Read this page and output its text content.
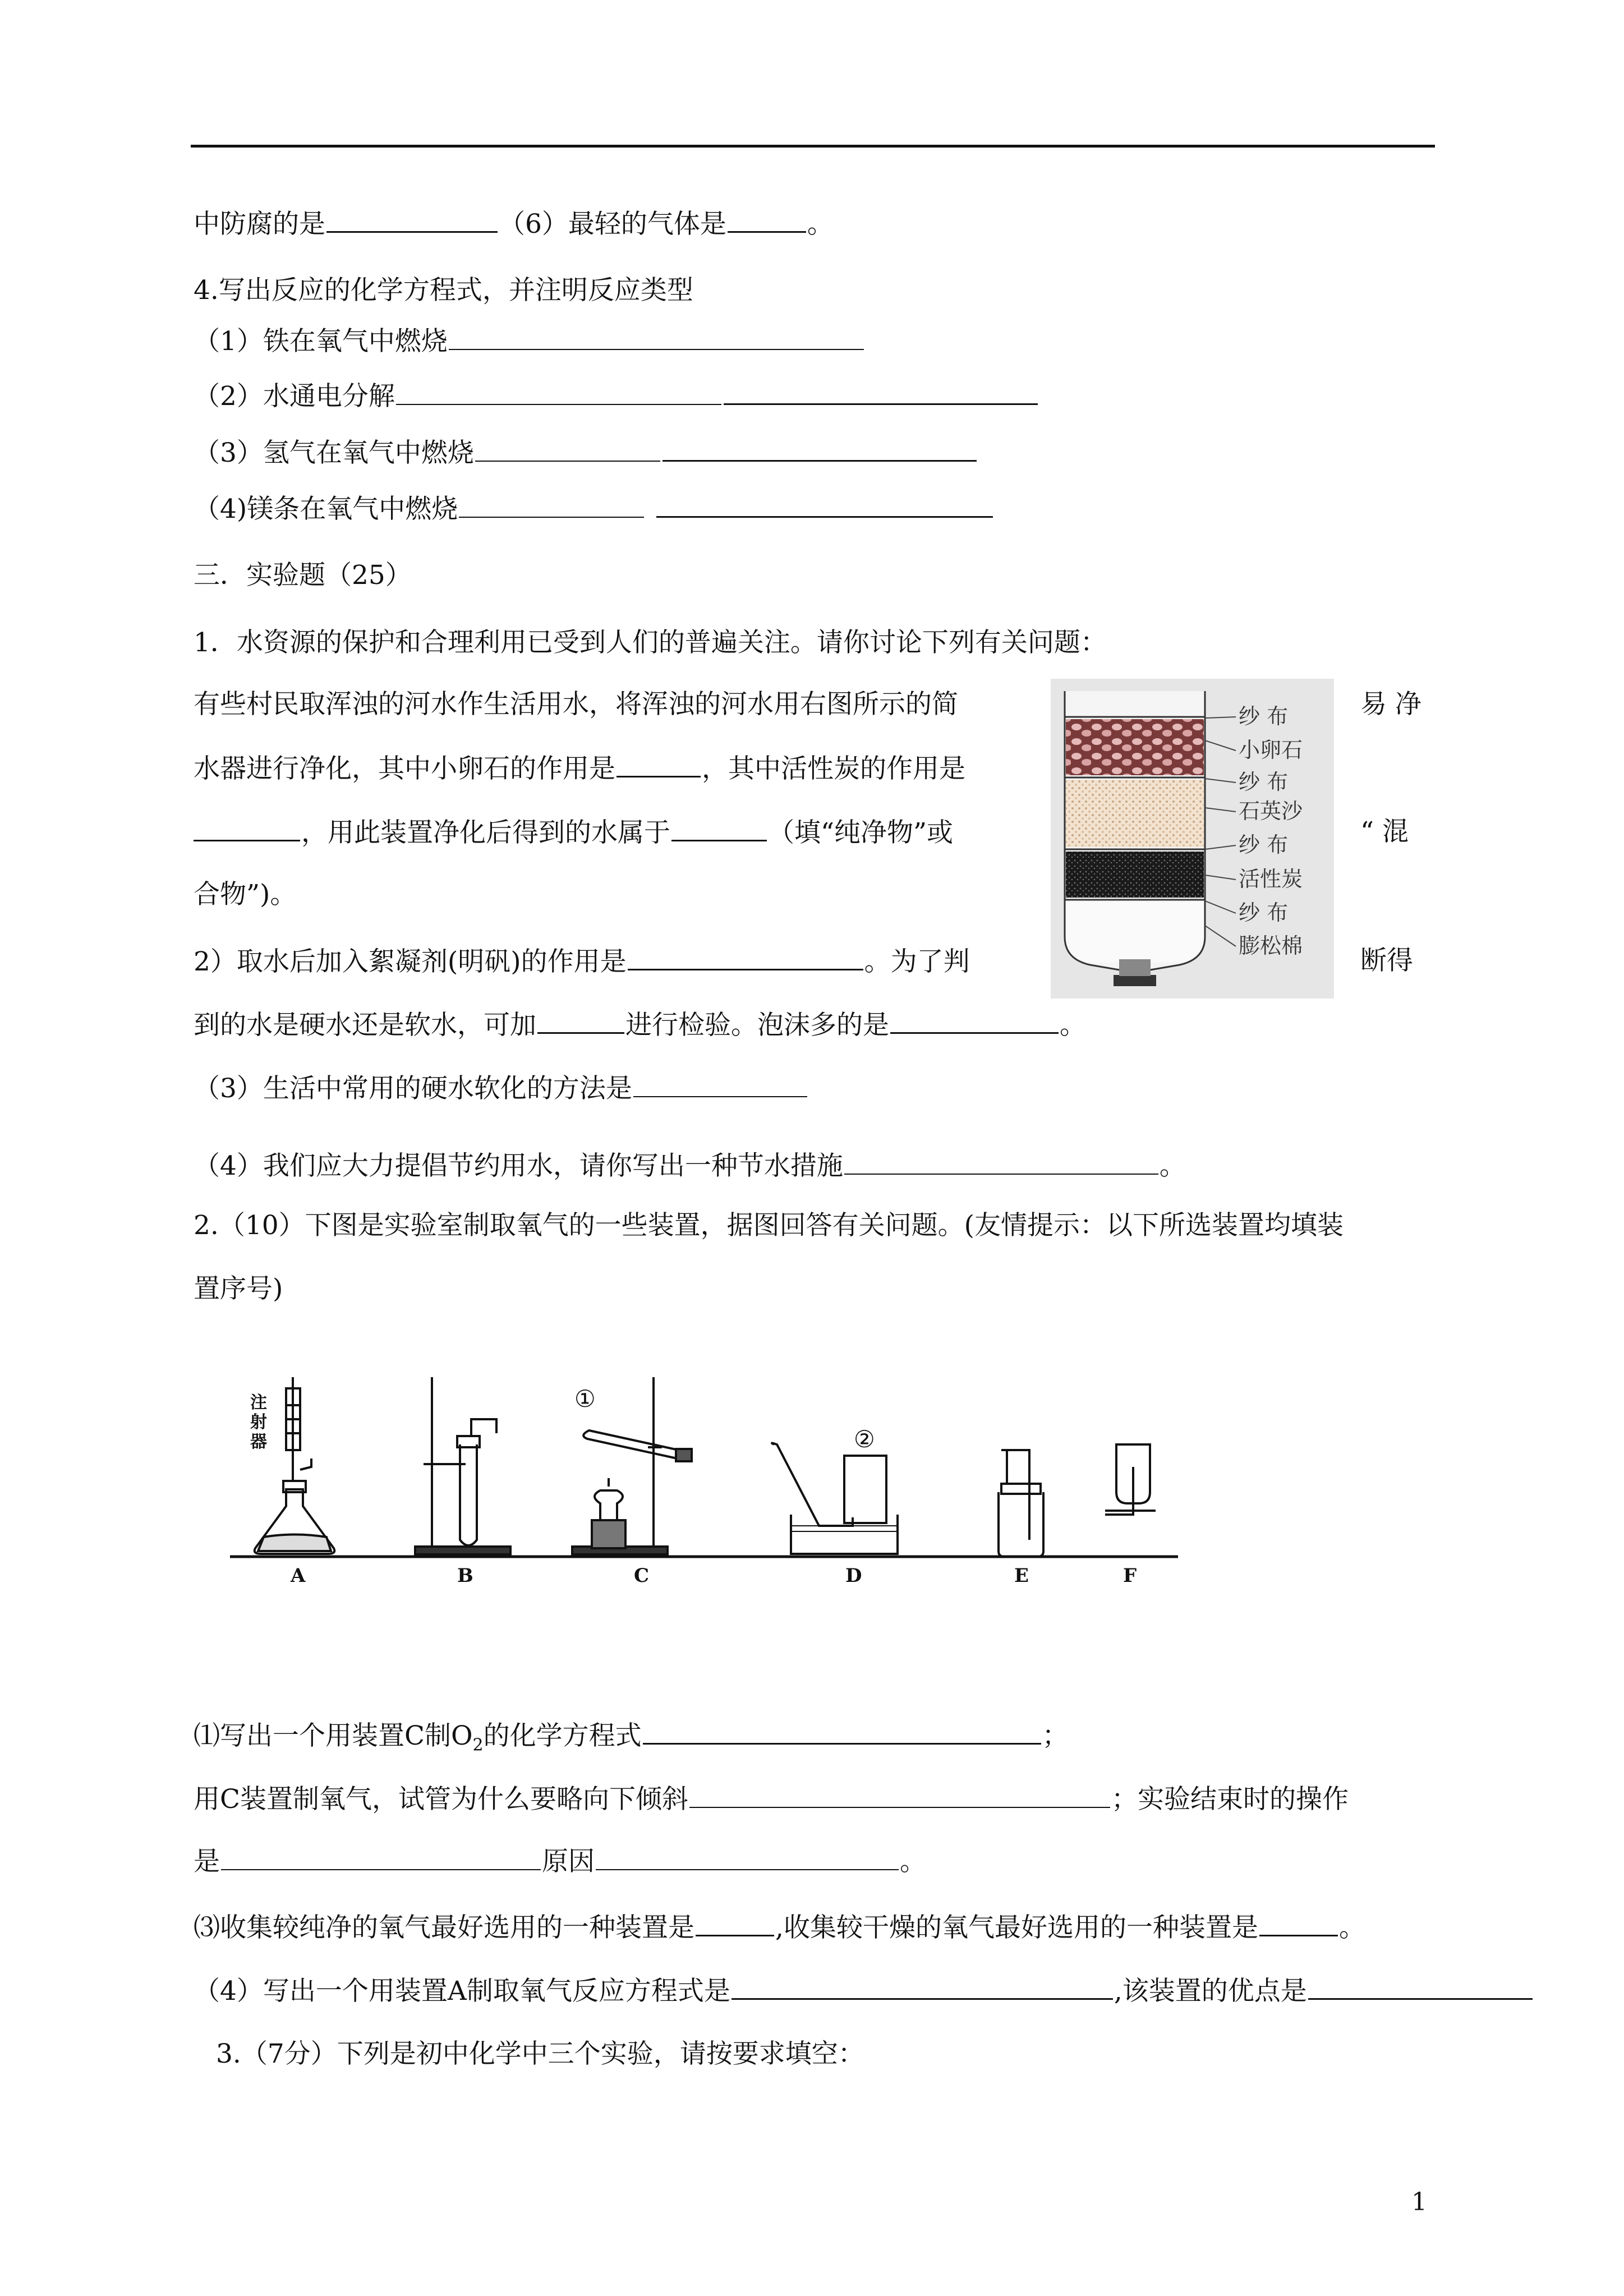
中防腐的是	（6）最轻的气体是	。
4.写出反应的化学方程式，并注明反应类型
（1）铁在氧气中燃烧
（2）水通电分解
（3）氢气在氧气中燃烧
（4)镁条在氧气中燃烧
三．实验题（25）
1．水资源的保护和合理利用已受到人们的普遍关注。请你讨论下列有关问题：
有些村民取浑浊的河水作生活用水，将浑浊的河水用右图所示的简	易 净
水器进行净化，其中小卵石的作用是	，其中活性炭的作用是
，用此装置净化后得到的水属于	（填“纯净物”或	“ 混
合物”)。
2）取水后加入絮凝剂(明矾)的作用是	。为了判	断得
到的水是硬水还是软水，可加	进行检验。泡沫多的是	。
（3）生活中常用的硬水软化的方法是
（4）我们应大力提倡节约用水，请你写出一种节水措施	。
2.（10）下图是实验室制取氧气的一些装置，据图回答有关问题。(友情提示：以下所选装置均填装
置序号)
纱 布
小卵石
纱 布
石英沙
纱 布
活性炭
纱 布
膨松棉
注
射
器
①
②
A	B	C	D	E	F
⑴写出一个用装置C制$O_2$的化学方程式	；
用C装置制氧气，试管为什么要略向下倾斜	；实验结束时的操作
是	原因	。
⑶收集较纯净的氧气最好选用的一种装置是	,收集较干燥的氧气最好选用的一种装置是	。
（4）写出一个用装置A制取氧气反应方程式是	,该装置的优点是
3.（7分）下列是初中化学中三个实验，请按要求填空：
1
